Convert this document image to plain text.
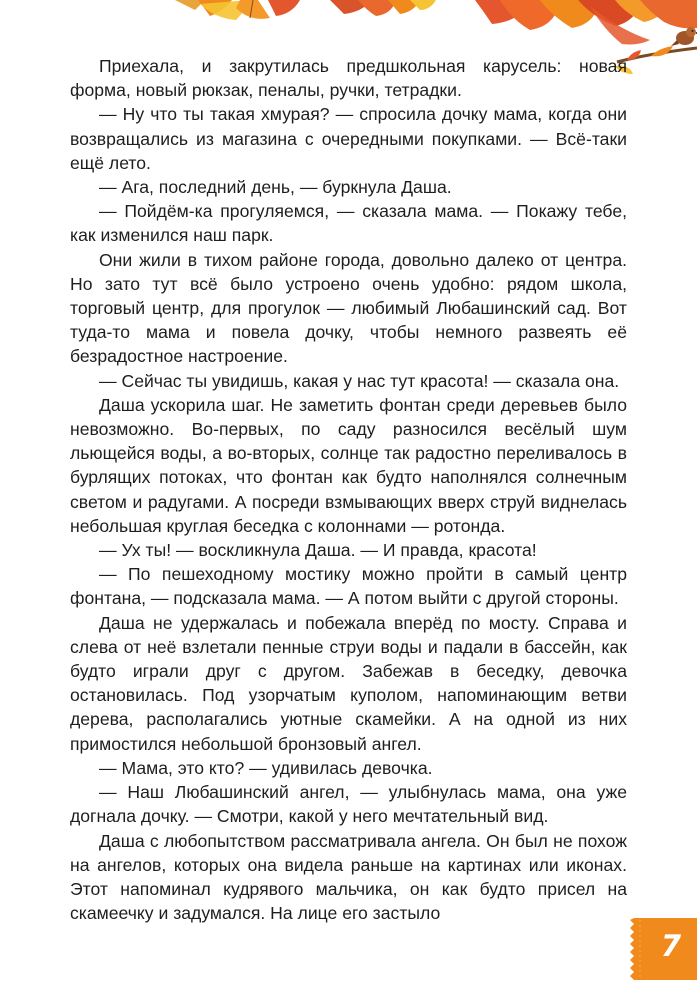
Приехала, и закрутилась предшкольная карусель: новая форма, новый рюкзак, пеналы, ручки, тетрадки.

— Ну что ты такая хмурая? — спросила дочку мама, когда они возвращались из магазина с очередными покупками. — Всё-таки ещё лето.

— Ага, последний день, — буркнула Даша.

— Пойдём-ка прогуляемся, — сказала мама. — Покажу тебе, как изменился наш парк.

Они жили в тихом районе города, довольно далеко от центра. Но зато тут всё было устроено очень удобно: рядом школа, торговый центр, для прогулок — любимый Любашинский сад. Вот туда-то мама и повела дочку, чтобы немного развеять её безрадостное настроение.

— Сейчас ты увидишь, какая у нас тут красота! — сказала она.

Даша ускорила шаг. Не заметить фонтан среди деревьев было невозможно. Во-первых, по саду разносился весёлый шум льющейся воды, а во-вторых, солнце так радостно переливалось в бурлящих потоках, что фонтан как будто наполнялся солнечным светом и радугами. А посреди взмывающих вверх струй виднелась небольшая круглая беседка с колоннами — ротонда.

— Ух ты! — воскликнула Даша. — И правда, красота!

— По пешеходному мостику можно пройти в самый центр фонтана, — подсказала мама. — А потом выйти с другой стороны.

Даша не удержалась и побежала вперёд по мосту. Справа и слева от неё взлетали пенные струи воды и падали в бассейн, как будто играли друг с другом. Забежав в беседку, девочка остановилась. Под узорчатым куполом, напоминающим ветви дерева, располагались уютные скамейки. А на одной из них примостился небольшой бронзовый ангел.

— Мама, это кто? — удивилась девочка.

— Наш Любашинский ангел, — улыбнулась мама, она уже догнала дочку. — Смотри, какой у него мечтательный вид.

Даша с любопытством рассматривала ангела. Он был не похож на ангелов, которых она видела раньше на картинах или иконах. Этот напоминал кудрявого мальчика, он как будто присел на скамеечку и задумался. На лице его застыло

7
